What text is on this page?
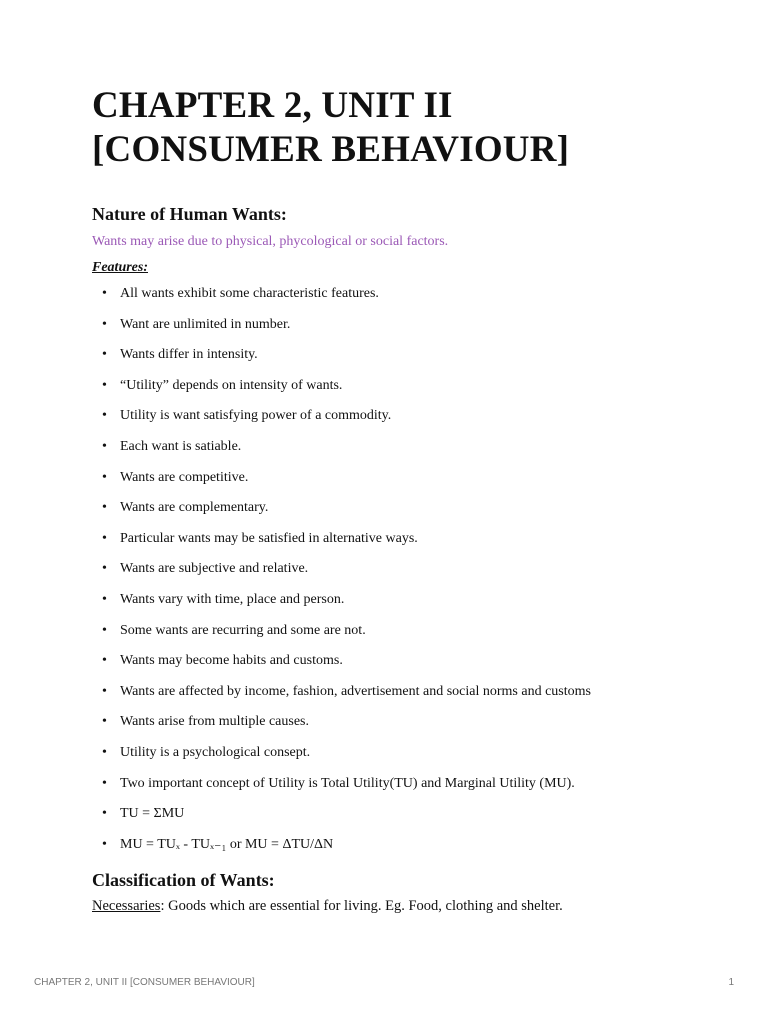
CHAPTER 2, UNIT II
[CONSUMER BEHAVIOUR]
Nature of Human Wants:

Wants may arise due to physical, phycological or social factors.

Features:

• All wants exhibit some characteristic features.
• Want are unlimited in number.
• Wants differ in intensity.
• “Utility” depends on intensity of wants.
• Utility is want satisfying power of a commodity.
• Each want is satiable.
• Wants are competitive.
• Wants are complementary.
• Particular wants may be satisfied in alternative ways.
• Wants are subjective and relative.
• Wants vary with time, place and person.
• Some wants are recurring and some are not.
• Wants may become habits and customs.
• Wants are affected by income, fashion, advertisement and social norms and customs
• Wants arise from multiple causes.
• Utility is a psychological consept.
• Two important concept of Utility is Total Utility(TU) and Marginal Utility (MU).
• TU = ΣMU
• MU = TUₓ - TUₓ₋₁ or MU = ΔTU/ΔN
Classification of Wants:

Necessaries: Goods which are essential for living. Eg. Food, clothing and shelter.

CHAPTER 2, UNIT II [CONSUMER BEHAVIOUR]	1
